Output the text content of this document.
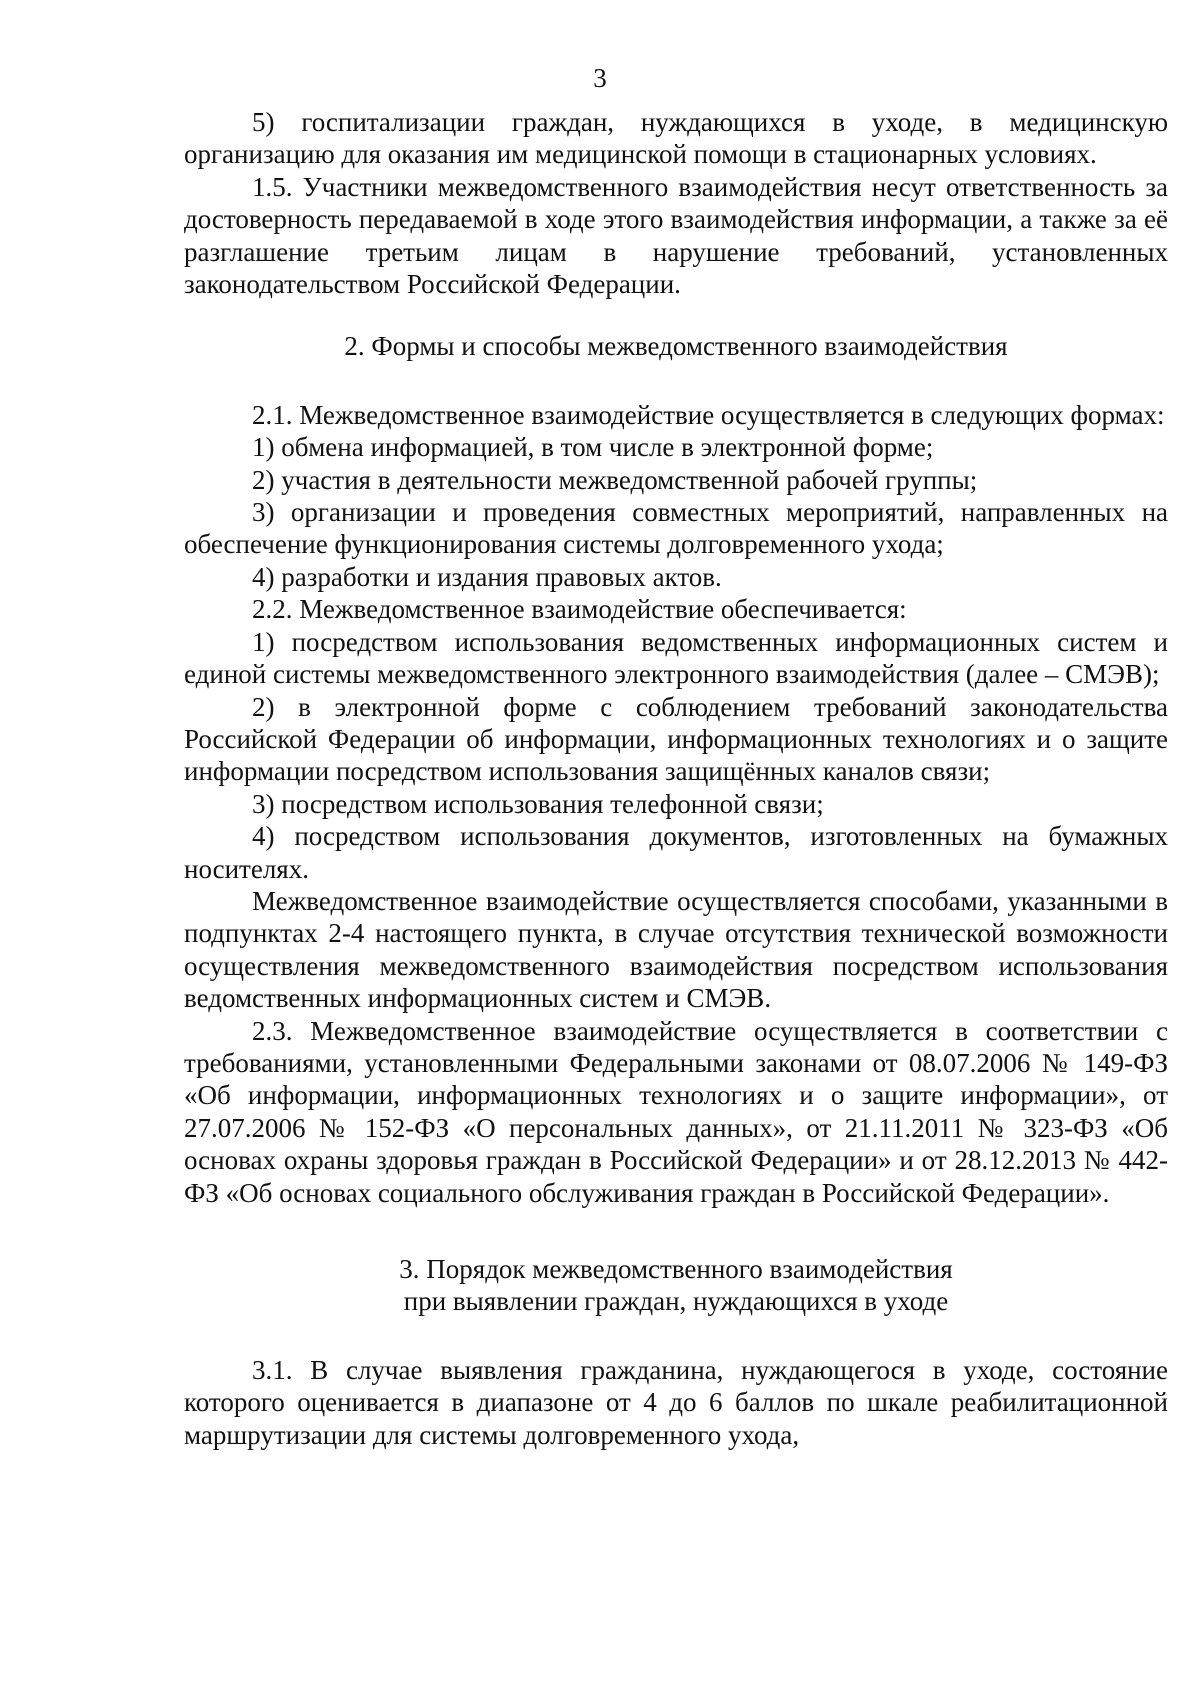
3

5) госпитализации граждан, нуждающихся в уходе, в медицинскую организацию для оказания им медицинской помощи в стационарных условиях.

1.5. Участники межведомственного взаимодействия несут ответственность за достоверность передаваемой в ходе этого взаимодействия информации, а также за её разглашение третьим лицам в нарушение требований, установленных законодательством Российской Федерации.

2. Формы и способы межведомственного взаимодействия

2.1. Межведомственное взаимодействие осуществляется в следующих формах:

1) обмена информацией, в том числе в электронной форме;

2) участия в деятельности межведомственной рабочей группы;

3) организации и проведения совместных мероприятий, направленных на обеспечение функционирования системы долговременного ухода;

4) разработки и издания правовых актов.

2.2. Межведомственное взаимодействие обеспечивается:

1) посредством использования ведомственных информационных систем и единой системы межведомственного электронного взаимодействия (далее – СМЭВ);

2) в электронной форме с соблюдением требований законодательства Российской Федерации об информации, информационных технологиях и о защите информации посредством использования защищённых каналов связи;

3) посредством использования телефонной связи;

4) посредством использования документов, изготовленных на бумажных носителях.

Межведомственное взаимодействие осуществляется способами, указанными в подпунктах 2-4 настоящего пункта, в случае отсутствия технической возможности осуществления межведомственного взаимодействия посредством использования ведомственных информационных систем и СМЭВ.

2.3. Межведомственное взаимодействие осуществляется в соответствии с требованиями, установленными Федеральными законами от 08.07.2006 № 149-ФЗ «Об информации, информационных технологиях и о защите информации», от 27.07.2006 № 152-ФЗ «О персональных данных», от 21.11.2011 № 323-ФЗ «Об основах охраны здоровья граждан в Российской Федерации» и от 28.12.2013 № 442-ФЗ «Об основах социального обслуживания граждан в Российской Федерации».

3. Порядок межведомственного взаимодействия

при выявлении граждан, нуждающихся в уходе

3.1. В случае выявления гражданина, нуждающегося в уходе, состояние которого оценивается в диапазоне от 4 до 6 баллов по шкале реабилитационной маршрутизации для системы долговременного ухода,
